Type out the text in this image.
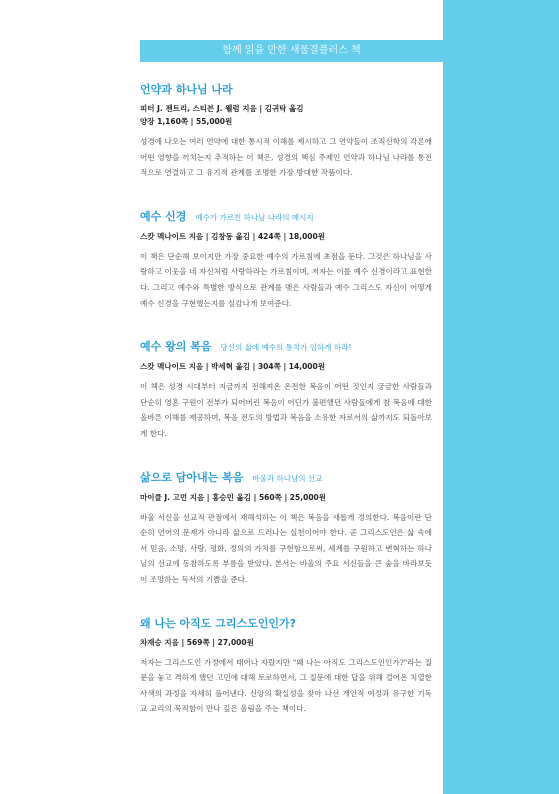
함께 읽을 만한 새물결플러스 책
언약과 하나님 나라
피터 J. 젠트리, 스티븐 J. 웰럼 지음 | 김귀탁 옮김
양장 1,160쪽 | 55,000원
성경에 나오는 여러 언약에 대한 통시적 이해를 제시하고 그 언약들이 조직신학의 각론에 어떤 영향을 끼치는지 추적하는 이 책은, 성경의 핵심 주제인 언약과 하나님 나라를 통전적으로 연결하고 그 유기적 관계를 조명한 가장 방대한 작품이다.
예수 신경 예수가 가르친 하나님 나라의 메시지
스캇 맥나이트 지음 | 김창동 옮김 | 424쪽 | 18,000원
이 책은 단순해 보이지만 가장 중요한 예수의 가르침에 초점을 둔다. 그것은 하나님을 사랑하고 이웃을 네 자신처럼 사랑하라는 가르침이며, 저자는 이를 예수 신경이라고 표현한다. 그리고 예수와 특별한 방식으로 관계를 맺은 사람들과 예수 그리스도 자신이 어떻게 예수 신경을 구현했는지를 실감나게 보여준다.
예수 왕의 복음 당신의 삶에 예수의 통치가 임하게 하라!
스캇 맥나이트 지음 | 박세혁 옮김 | 304쪽 | 14,000원
이 책은 성경 시대부터 지금까지 전해져온 온전한 복음이 어떤 것인지 궁금한 사람들과 단순히 영혼 구원이 전부가 되어버린 복음이 어딘가 불편했던 사람들에게 참 복음에 대한 올바른 이해를 제공하며, 복음 전도의 방법과 복음을 소유한 자로서의 삶까지도 되돌아보게 한다.
삶으로 담아내는 복음 바울과 하나님의 선교
마이클 J. 고먼 지음 | 홍승민 옮김 | 560쪽 | 25,000원
바울 서신을 선교적 관점에서 재해석하는 이 책은 복음을 새롭게 정의한다. 복음이란 단순히 언어의 문제가 아니라 삶으로 드러나는 실천이어야 한다. 곧 그리스도인은 삶 속에서 믿음, 소망, 사랑, 평화, 정의의 가치를 구현함으로써, 세계를 구원하고 변혁하는 하나님의 선교에 동참하도록 부름을 받았다. 본서는 바울의 주요 서신들을 큰 숲을 바라보듯이 조망하는 독서의 기쁨을 준다.
왜 나는 아직도 그리스도인인가?
차재승 지음 | 569쪽 | 27,000원
저자는 그리스도인 가정에서 태어나 자랐지만 "왜 나는 아직도 그리스도인인가?"라는 질문을 놓고 격하게 했던 고민에 대해 토로하면서, 그 질문에 대한 답을 위해 걸어온 치열한 사색의 과정을 자세히 풀어낸다. 신앙의 확실성을 찾아 나선 개인적 여정과 유구한 기독교 교리의 묵직함이 만나 깊은 울림을 주는 책이다.
